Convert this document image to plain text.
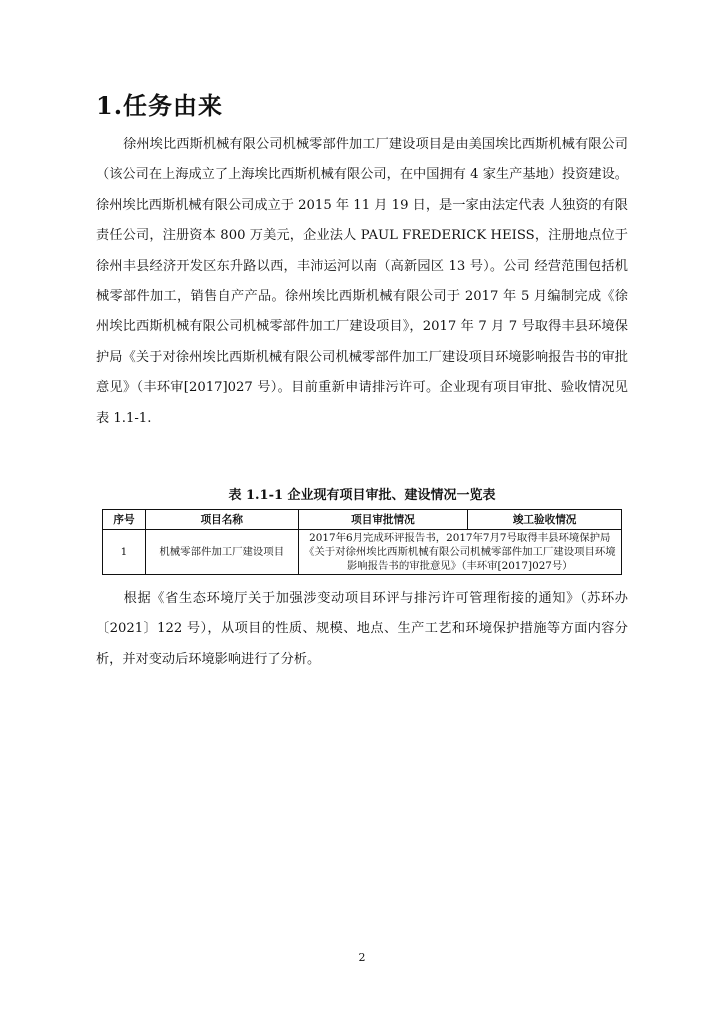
1.任务由来

徐州埃比西斯机械有限公司机械零部件加工厂建设项目是由美国埃比西斯机械有限公司（该公司在上海成立了上海埃比西斯机械有限公司，在中国拥有 4 家生产基地）投资建设。徐州埃比西斯机械有限公司成立于 2015 年 11 月 19 日，是一家由法定代表 人独资的有限责任公司，注册资本 800 万美元，企业法人 PAUL FREDERICK HEISS，注册地点位于徐州丰县经济开发区东升路以西，丰沛运河以南（高新园区 13 号）。公司 经营范围包括机械零部件加工，销售自产产品。徐州埃比西斯机械有限公司于 2017 年 5 月编制完成《徐州埃比西斯机械有限公司机械零部件加工厂建设项目》，2017 年 7 月 7 号取得丰县环境保护局《关于对徐州埃比西斯机械有限公司机械零部件加工厂建设项目环境影响报告书的审批意见》（丰环审[2017]027 号）。目前重新申请排污许可。企业现有项目审批、验收情况见表 1.1-1.

表 1.1-1 企业现有项目审批、建设情况一览表

序号	项目名称	项目审批情况	竣工验收情况
1	机械零部件加工厂建设项目	2017年6月完成环评报告书，2017年7月7号取得丰县环境保护局《关于对徐州埃比西斯机械有限公司机械零部件加工厂建设项目环境影响报告书的审批意见》（丰环审[2017]027号）	

根据《省生态环境厅关于加强涉变动项目环评与排污许可管理衔接的通知》（苏环办〔2021〕122 号），从项目的性质、规模、地点、生产工艺和环境保护措施等方面内容分析，并对变动后环境影响进行了分析。

2
